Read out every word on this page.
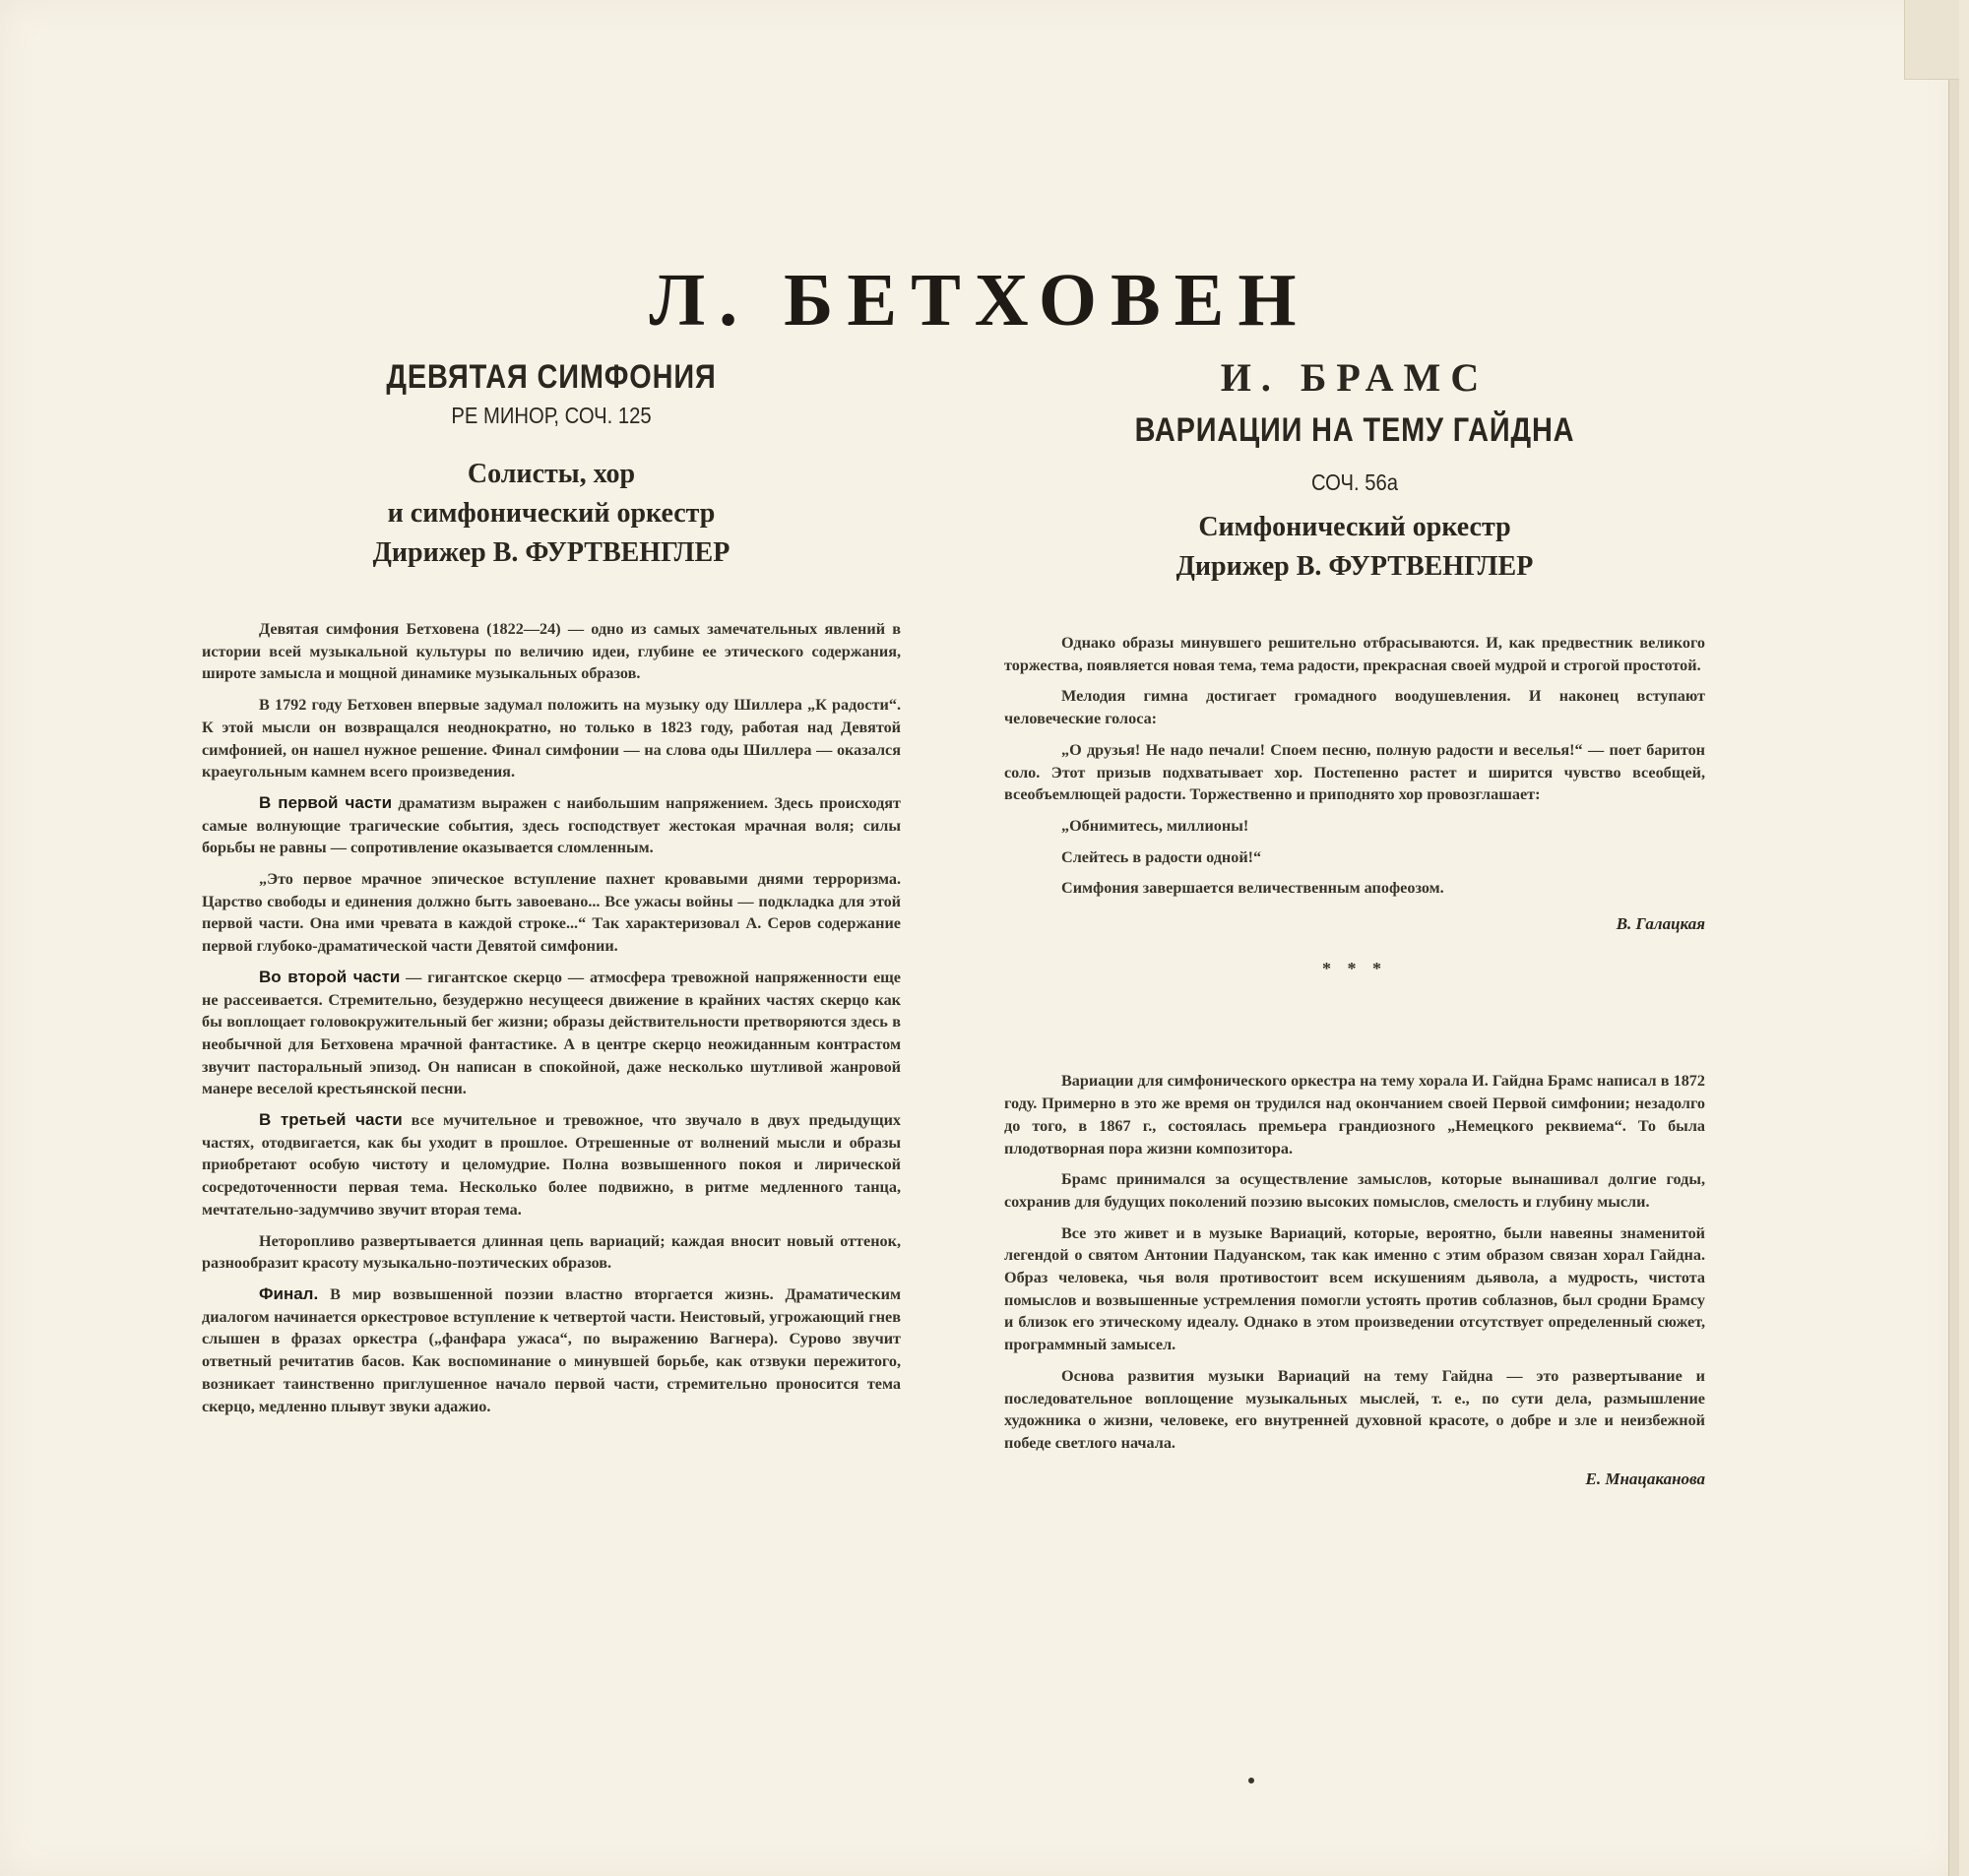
Л. БЕТХОВЕН
ДЕВЯТАЯ СИМФОНИЯ
РЕ МИНОР, СОЧ. 125
Солисты, хор
и симфонический оркестр
Дирижер В. ФУРТВЕНГЛЕР

Девятая симфония Бетховена (1822—24) — одно из самых замечательных явлений в истории всей музыкальной культуры по величию идеи, глубине ее этического содержания, широте замысла и мощной динамике музыкальных образов.

В 1792 году Бетховен впервые задумал положить на музыку оду Шиллера „К радости“. К этой мысли он возвращался неоднократно, но только в 1823 году, работая над Девятой симфонией, он нашел нужное решение. Финал симфонии — на слова оды Шиллера — оказался краеугольным камнем всего произведения.

В первой части драматизм выражен с наибольшим напряжением. Здесь происходят самые волнующие трагические события, здесь господствует жестокая мрачная воля; силы борьбы не равны — сопротивление оказывается сломленным.

„Это первое мрачное эпическое вступление пахнет кровавыми днями терроризма. Царство свободы и единения должно быть завоевано... Все ужасы войны — подкладка для этой первой части. Она ими чревата в каждой строке...“ Так характеризовал А. Серов содержание первой глубоко-драматической части Девятой симфонии.

Во второй части — гигантское скерцо — атмосфера тревожной напряженности еще не рассеивается. Стремительно, безудержно несущееся движение в крайних частях скерцо как бы воплощает головокружительный бег жизни; образы действительности претворяются здесь в необычной для Бетховена мрачной фантастике. А в центре скерцо неожиданным контрастом звучит пасторальный эпизод. Он написан в спокойной, даже несколько шутливой жанровой манере веселой крестьянской песни.

В третьей части все мучительное и тревожное, что звучало в двух предыдущих частях, отодвигается, как бы уходит в прошлое. Отрешенные от волнений мысли и образы приобретают особую чистоту и целомудрие. Полна возвышенного покоя и лирической сосредоточенности первая тема. Несколько более подвижно, в ритме медленного танца, мечтательно-задумчиво звучит вторая тема.

Неторопливо развертывается длинная цепь вариаций; каждая вносит новый оттенок, разнообразит красоту музыкально-поэтических образов.

Финал. В мир возвышенной поэзии властно вторгается жизнь. Драматическим диалогом начинается оркестровое вступление к четвертой части. Неистовый, угрожающий гнев слышен в фразах оркестра („фанфара ужаса“, по выражению Вагнера). Сурово звучит ответный речитатив басов. Как воспоминание о минувшей борьбе, как отзвуки пережитого, возникает таинственно приглушенное начало первой части, стремительно проносится тема скерцо, медленно плывут звуки адажио.

И. БРАМС
ВАРИАЦИИ НА ТЕМУ ГАЙДНА
СОЧ. 56а
Симфонический оркестр
Дирижер В. ФУРТВЕНГЛЕР

Однако образы минувшего решительно отбрасываются. И, как предвестник великого торжества, появляется новая тема, тема радости, прекрасная своей мудрой и строгой простотой.

Мелодия гимна достигает громадного воодушевления. И наконец вступают человеческие голоса:

„О друзья! Не надо печали! Споем песню, полную радости и веселья!“ — поет баритон соло. Этот призыв подхватывает хор. Постепенно растет и ширится чувство всеобщей, всеобъемлющей радости. Торжественно и приподнято хор провозглашает:

„Обнимитесь, миллионы!

Слейтесь в радости одной!“

Симфония завершается величественным апофеозом.

В. Галацкая
* * *

Вариации для симфонического оркестра на тему хорала И. Гайдна Брамс написал в 1872 году. Примерно в это же время он трудился над окончанием своей Первой симфонии; незадолго до того, в 1867 г., состоялась премьера грандиозного „Немецкого реквиема“. То была плодотворная пора жизни композитора.

Брамс принимался за осуществление замыслов, которые вынашивал долгие годы, сохранив для будущих поколений поэзию высоких помыслов, смелость и глубину мысли.

Все это живет и в музыке Вариаций, которые, вероятно, были навеяны знаменитой легендой о святом Антонии Падуанском, так как именно с этим образом связан хорал Гайдна. Образ человека, чья воля противостоит всем искушениям дьявола, а мудрость, чистота помыслов и возвышенные устремления помогли устоять против соблазнов, был сродни Брамсу и близок его этическому идеалу. Однако в этом произведении отсутствует определенный сюжет, программный замысел.

Основа развития музыки Вариаций на тему Гайдна — это развертывание и последовательное воплощение музыкальных мыслей, т. е., по сути дела, размышление художника о жизни, человеке, его внутренней духовной красоте, о добре и зле и неизбежной победе светлого начала.

Е. Мнацаканова
